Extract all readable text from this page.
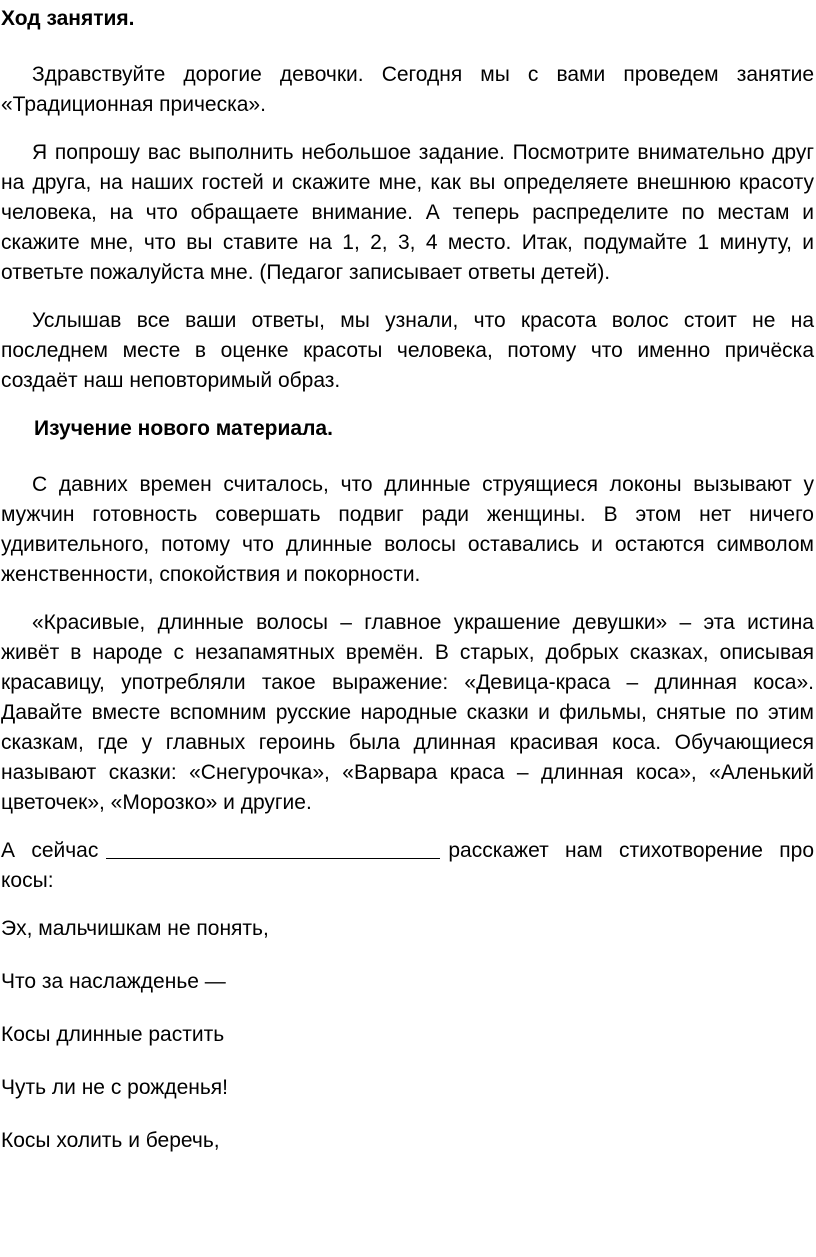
Ход занятия.

Здравствуйте дорогие девочки. Сегодня мы с вами проведем занятие «Традиционная прическа».

Я попрошу вас выполнить небольшое задание. Посмотрите внимательно друг на друга, на наших гостей и скажите мне, как вы определяете внешнюю красоту человека, на что обращаете внимание. А теперь распределите по местам и скажите мне, что вы ставите на 1, 2, 3, 4 место. Итак, подумайте 1 минуту, и ответьте пожалуйста мне. (Педагог записывает ответы детей).

Услышав все ваши ответы, мы узнали, что красота волос стоит не на последнем месте в оценке красоты человека, потому что именно причёска создаёт наш неповторимый образ.

Изучение нового материала.

С давних времен считалось, что длинные струящиеся локоны вызывают у мужчин готовность совершать подвиг ради женщины. В этом нет ничего удивительного, потому что длинные волосы оставались и остаются символом женственности, спокойствия и покорности.

«Красивые, длинные волосы – главное украшение девушки» – эта истина живёт в народе с незапамятных времён. В старых, добрых сказках, описывая красавицу, употребляли такое выражение: «Девица-краса – длинная коса». Давайте вместе вспомним русские народные сказки и фильмы, снятые по этим сказкам, где у главных героинь была длинная красивая коса. Обучающиеся называют сказки: «Снегурочка», «Варвара краса – длинная коса», «Аленький цветочек», «Морозко» и другие.

А сейчас	расскажет нам стихотворение про косы:

Эх, мальчишкам не понять,
Что за наслажденье —
Косы длинные растить
Чуть ли не с рожденья!
Косы холить и беречь,
